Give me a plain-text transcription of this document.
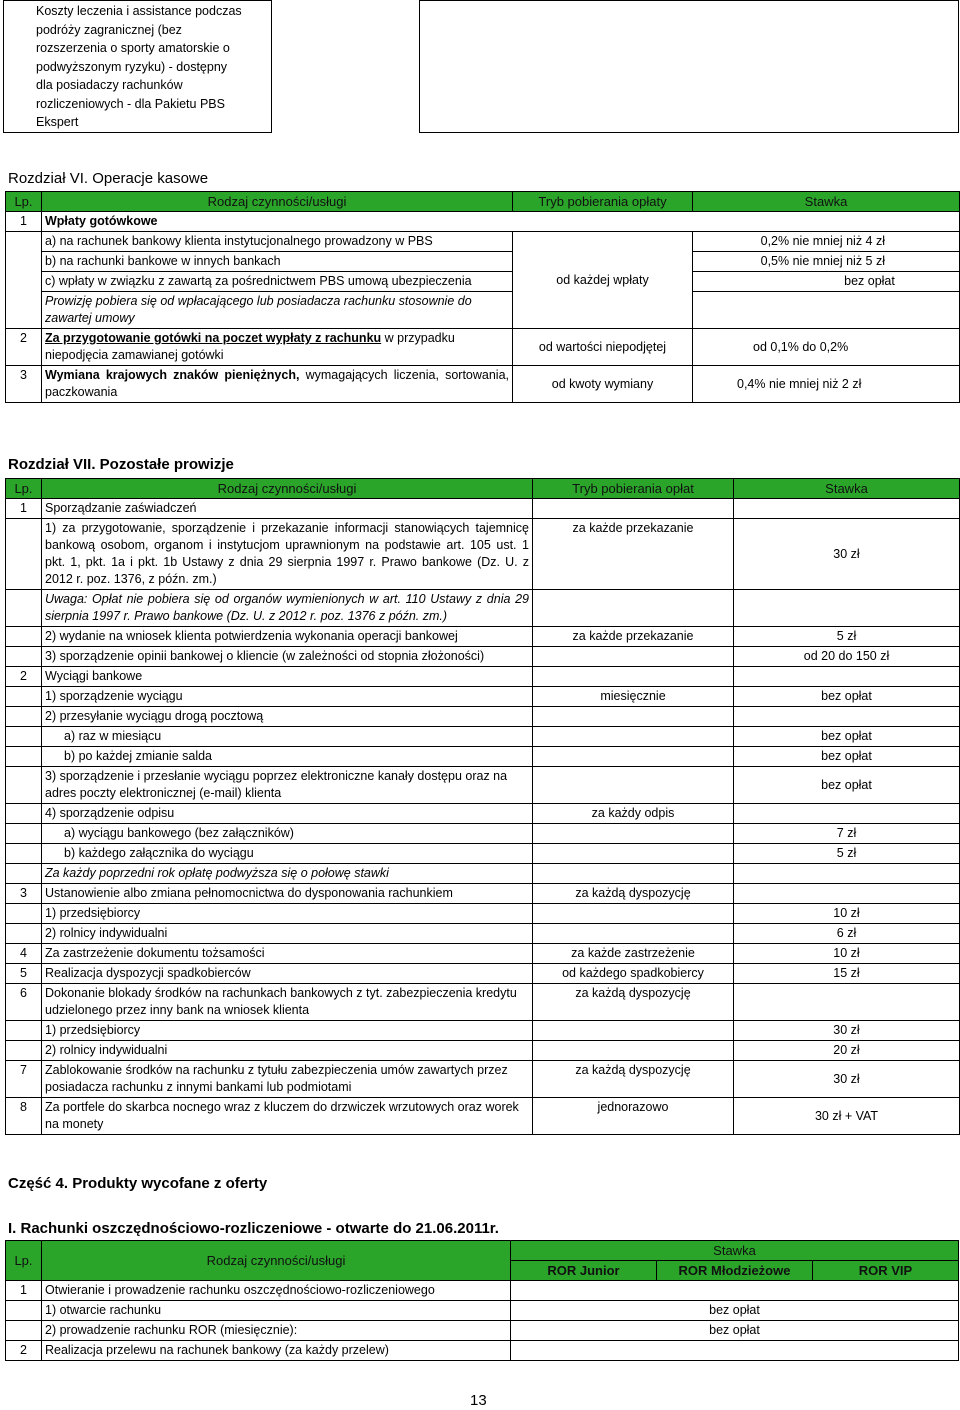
Koszty leczenia i assistance podczas
podróży zagranicznej (bez
rozszerzenia o sporty amatorskie o
podwyższonym ryzyku) - dostępny
dla posiadaczy rachunków
rozliczeniowych - dla Pakietu PBS
Ekspert

Rozdział VI. Operacje kasowe
Lp.	Rodzaj czynności/usługi	Tryb pobierania opłaty	Stawka
1	Wpłaty gotówkowe		
	a) na rachunek bankowy klienta instytucjonalnego prowadzony w PBS	od każdej wpłaty	0,2% nie mniej niż 4 zł
	b) na rachunki bankowe w innych bankach		0,5% nie mniej niż 5 zł
	c) wpłaty w związku z zawartą za pośrednictwem PBS umową ubezpieczenia		bez opłat
	Prowizję pobiera się od wpłacającego lub posiadacza rachunku stosownie do zawartej umowy		
2	Za przygotowanie gotówki na poczet wypłaty z rachunku w przypadku niepodjęcia zamawianej gotówki	od wartości niepodjętej	od 0,1% do 0,2%
3	Wymiana krajowych znaków pieniężnych, wymagających liczenia, sortowania, paczkowania	od kwoty wymiany	0,4% nie mniej niż 2 zł
Rozdział VII. Pozostałe prowizje
Lp.	Rodzaj czynności/usługi	Tryb pobierania opłat	Stawka
1	Sporządzanie zaświadczeń		
	1) za przygotowanie, sporządzenie i przekazanie informacji stanowiących tajemnicę bankową osobom, organom i instytucjom uprawnionym na podstawie art. 105 ust. 1 pkt. 1, pkt. 1a i pkt. 1b Ustawy z dnia 29 sierpnia 1997 r. Prawo bankowe (Dz. U. z 2012 r. poz. 1376, z późn. zm.)	za każde przekazanie	30 zł
	Uwaga: Opłat nie pobiera się od organów wymienionych w art. 110 Ustawy z dnia 29 sierpnia 1997 r. Prawo bankowe (Dz. U. z 2012 r. poz. 1376 z późn. zm.)		
	2) wydanie na wniosek klienta potwierdzenia wykonania operacji bankowej	za każde przekazanie	5 zł
	3) sporządzenie opinii bankowej o kliencie (w zależności od stopnia złożoności)		od 20 do 150 zł
2	Wyciągi bankowe		
	1) sporządzenie wyciągu	miesięcznie	bez opłat
	2) przesyłanie wyciągu drogą pocztową		
	a) raz w miesiącu		bez opłat
	b) po każdej zmianie salda		bez opłat
	3) sporządzenie i przesłanie wyciągu poprzez elektroniczne kanały dostępu oraz na adres poczty elektronicznej (e-mail) klienta		bez opłat
	4) sporządzenie odpisu	za każdy odpis	
	a) wyciągu bankowego (bez załączników)		7 zł
	b) każdego załącznika do wyciągu		5 zł
	Za każdy poprzedni rok opłatę podwyższa się o połowę stawki		
3	Ustanowienie albo zmiana pełnomocnictwa do dysponowania rachunkiem	za każdą dyspozycję	
	1) przedsiębiorcy		10 zł
	2) rolnicy indywidualni		6 zł
4	Za zastrzeżenie dokumentu tożsamości	za każde zastrzeżenie	10 zł
5	Realizacja dyspozycji spadkobierców	od każdego spadkobiercy	15 zł
6	Dokonanie blokady środków na rachunkach bankowych z tyt. zabezpieczenia kredytu udzielonego przez inny bank na wniosek klienta	za każdą dyspozycję	
	1) przedsiębiorcy		30 zł
	2) rolnicy indywidualni		20 zł
7	Zablokowanie środków na rachunku z tytułu zabezpieczenia umów zawartych przez posiadacza rachunku z innymi bankami lub podmiotami	za każdą dyspozycję	30 zł
8	Za portfele do skarbca nocnego wraz z kluczem do drzwiczek wrzutowych oraz worek na monety	jednorazowo	30 zł + VAT
Część 4. Produkty wycofane z oferty
I. Rachunki oszczędnościowo-rozliczeniowe - otwarte do 21.06.2011r.
Lp.	Rodzaj czynności/usługi	Stawka		
		ROR Junior	ROR Młodzieżowe	ROR VIP
1	Otwieranie i prowadzenie rachunku oszczędnościowo-rozliczeniowego			
	1) otwarcie rachunku	bez opłat		
	2) prowadzenie rachunku ROR (miesięcznie):	bez opłat		
2	Realizacja przelewu na rachunek bankowy (za każdy przelew)			
13
